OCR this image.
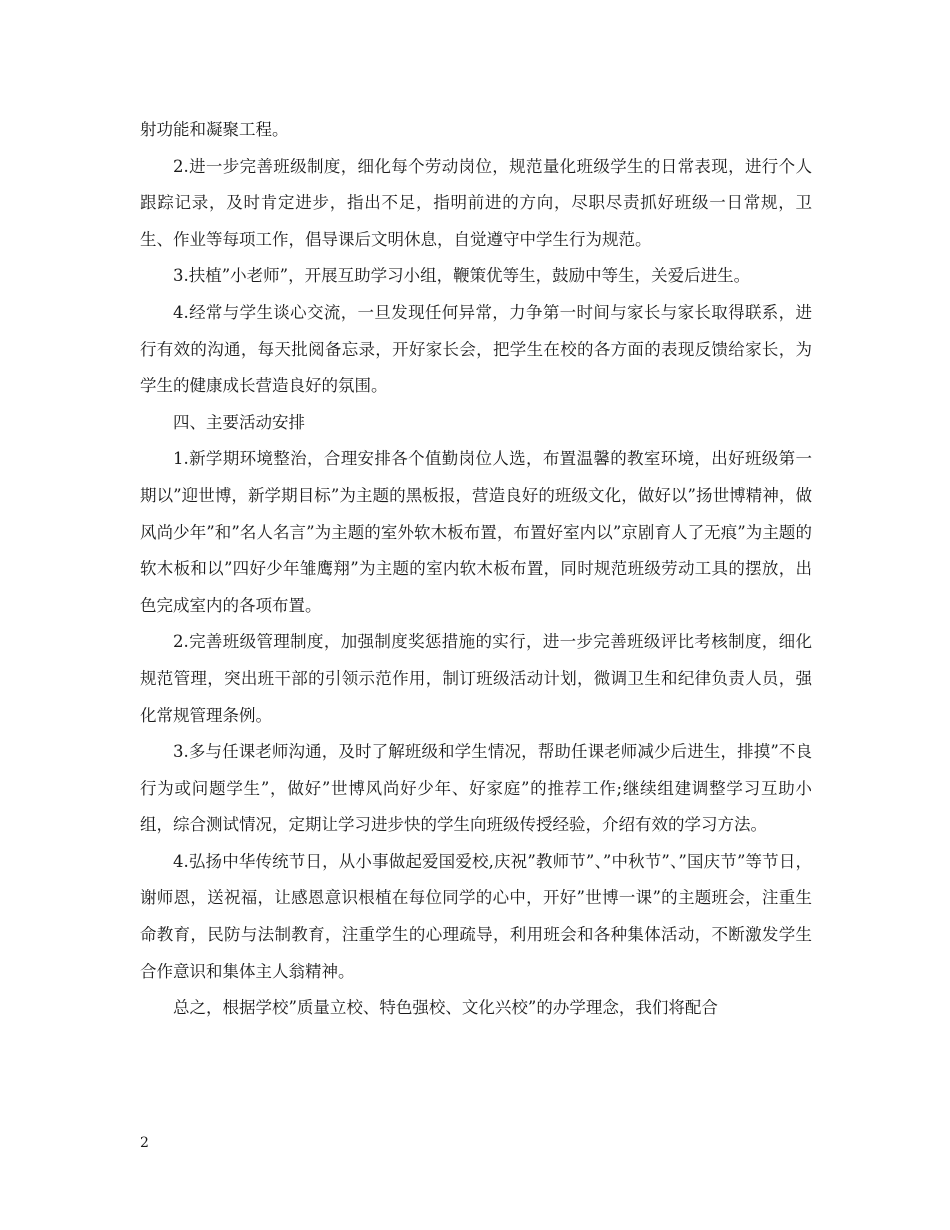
射功能和凝聚工程。

2.进一步完善班级制度，细化每个劳动岗位，规范量化班级学生的日常表现，进行个人跟踪记录，及时肯定进步，指出不足，指明前进的方向，尽职尽责抓好班级一日常规，卫生、作业等每项工作，倡导课后文明休息，自觉遵守中学生行为规范。

3.扶植”小老师”，开展互助学习小组，鞭策优等生，鼓励中等生，关爱后进生。

4.经常与学生谈心交流，一旦发现任何异常，力争第一时间与家长与家长取得联系，进行有效的沟通，每天批阅备忘录，开好家长会，把学生在校的各方面的表现反馈给家长，为学生的健康成长营造良好的氛围。

四、主要活动安排

1.新学期环境整治，合理安排各个值勤岗位人选，布置温馨的教室环境，出好班级第一期以”迎世博，新学期目标”为主题的黑板报，营造良好的班级文化，做好以”扬世博精神，做风尚少年”和”名人名言”为主题的室外软木板布置，布置好室内以”京剧育人了无痕”为主题的软木板和以”四好少年雏鹰翔”为主题的室内软木板布置，同时规范班级劳动工具的摆放，出色完成室内的各项布置。

2.完善班级管理制度，加强制度奖惩措施的实行，进一步完善班级评比考核制度，细化规范管理，突出班干部的引领示范作用，制订班级活动计划，微调卫生和纪律负责人员，强化常规管理条例。

3.多与任课老师沟通，及时了解班级和学生情况，帮助任课老师减少后进生，排摸”不良行为或问题学生”，做好”世博风尚好少年、好家庭”的推荐工作;继续组建调整学习互助小组，综合测试情况，定期让学习进步快的学生向班级传授经验，介绍有效的学习方法。

4.弘扬中华传统节日，从小事做起爱国爱校,庆祝”教师节”、”中秋节”、”国庆节”等节日，谢师恩，送祝福，让感恩意识根植在每位同学的心中，开好”世博一课”的主题班会，注重生命教育，民防与法制教育，注重学生的心理疏导，利用班会和各种集体活动，不断激发学生合作意识和集体主人翁精神。

总之，根据学校”质量立校、特色强校、文化兴校”的办学理念，我们将配合

2
